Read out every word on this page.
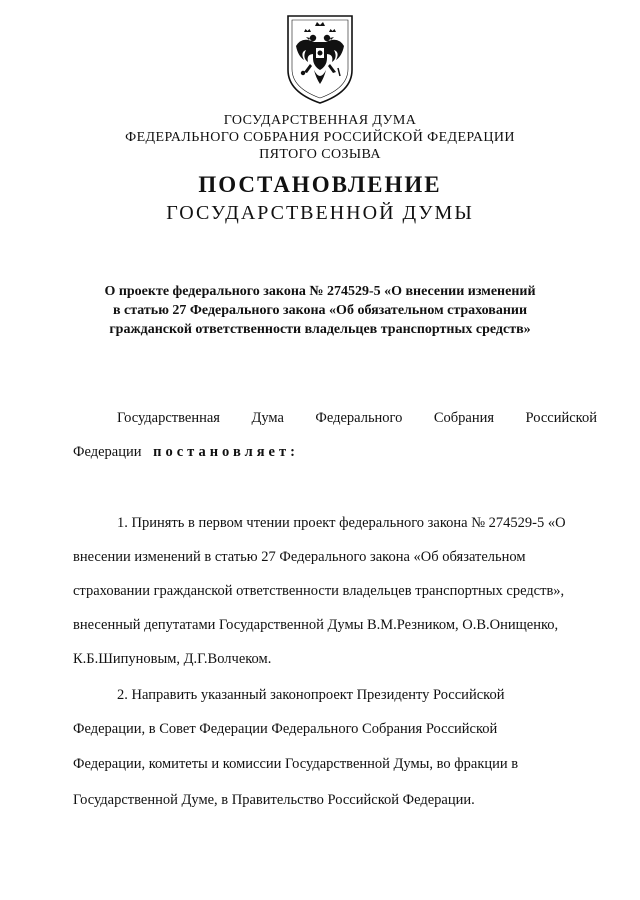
ГОСУДАРСТВЕННАЯ ДУМА
ФЕДЕРАЛЬНОГО СОБРАНИЯ РОССИЙСКОЙ ФЕДЕРАЦИИ
ПЯТОГО СОЗЫВА
ПОСТАНОВЛЕНИЕ
ГОСУДАРСТВЕННОЙ ДУМЫ
О проекте федерального закона № 274529-5 «О внесении изменений
в статью 27 Федерального закона «Об обязательном страховании
гражданской ответственности владельцев транспортных средств»
Государственная Дума Федерального Собрания Российской
Федерации постановляет:
1. Принять в первом чтении проект федерального закона № 274529-5 «О
внесении изменений в статью 27 Федерального закона «Об обязательном
страховании гражданской ответственности владельцев транспортных средств»,
внесенный депутатами Государственной Думы В.М.Резником, О.В.Онищенко,
К.Б.Шипуновым, Д.Г.Волчеком.
2. Направить указанный законопроект Президенту Российской
Федерации, в Совет Федерации Федерального Собрания Российской
Федерации, комитеты и комиссии Государственной Думы, во фракции в
Государственной Думе, в Правительство Российской Федерации.
